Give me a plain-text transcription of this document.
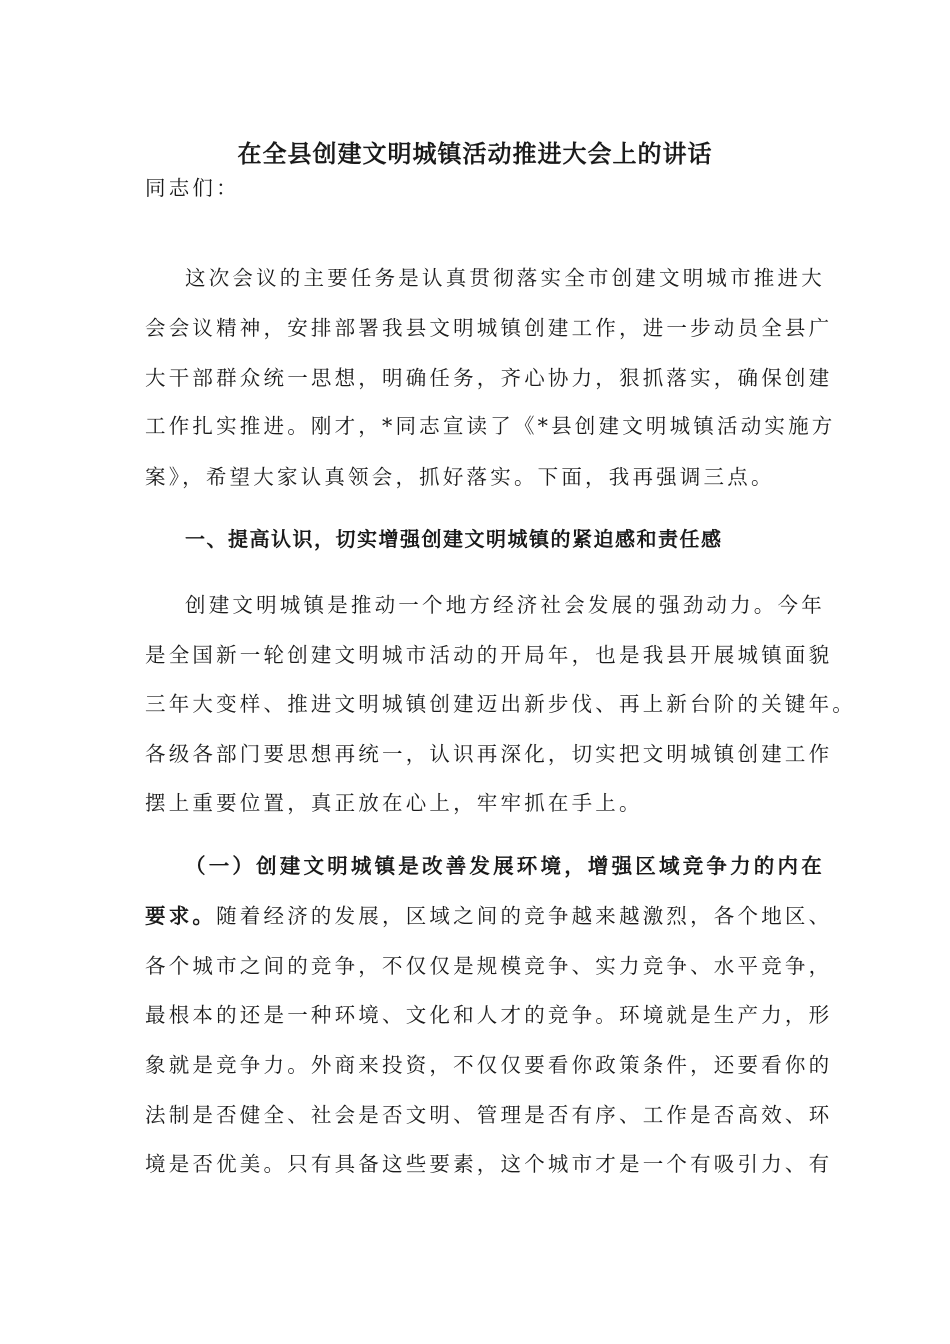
在全县创建文明城镇活动推进大会上的讲话

同志们：

这次会议的主要任务是认真贯彻落实全市创建文明城市推进大

会会议精神，安排部署我县文明城镇创建工作，进一步动员全县广

大干部群众统一思想，明确任务，齐心协力，狠抓落实，确保创建

工作扎实推进。刚才，*同志宣读了《*县创建文明城镇活动实施方

案》，希望大家认真领会，抓好落实。下面，我再强调三点。

一、提高认识，切实增强创建文明城镇的紧迫感和责任感

创建文明城镇是推动一个地方经济社会发展的强劲动力。今年

是全国新一轮创建文明城市活动的开局年，也是我县开展城镇面貌

三年大变样、推进文明城镇创建迈出新步伐、再上新台阶的关键年。

各级各部门要思想再统一，认识再深化，切实把文明城镇创建工作

摆上重要位置，真正放在心上，牢牢抓在手上。

（一）创建文明城镇是改善发展环境，增强区域竞争力的内在

要求。随着经济的发展，区域之间的竞争越来越激烈，各个地区、

各个城市之间的竞争，不仅仅是规模竞争、实力竞争、水平竞争，

最根本的还是一种环境、文化和人才的竞争。环境就是生产力，形

象就是竞争力。外商来投资，不仅仅要看你政策条件，还要看你的

法制是否健全、社会是否文明、管理是否有序、工作是否高效、环

境是否优美。只有具备这些要素，这个城市才是一个有吸引力、有
